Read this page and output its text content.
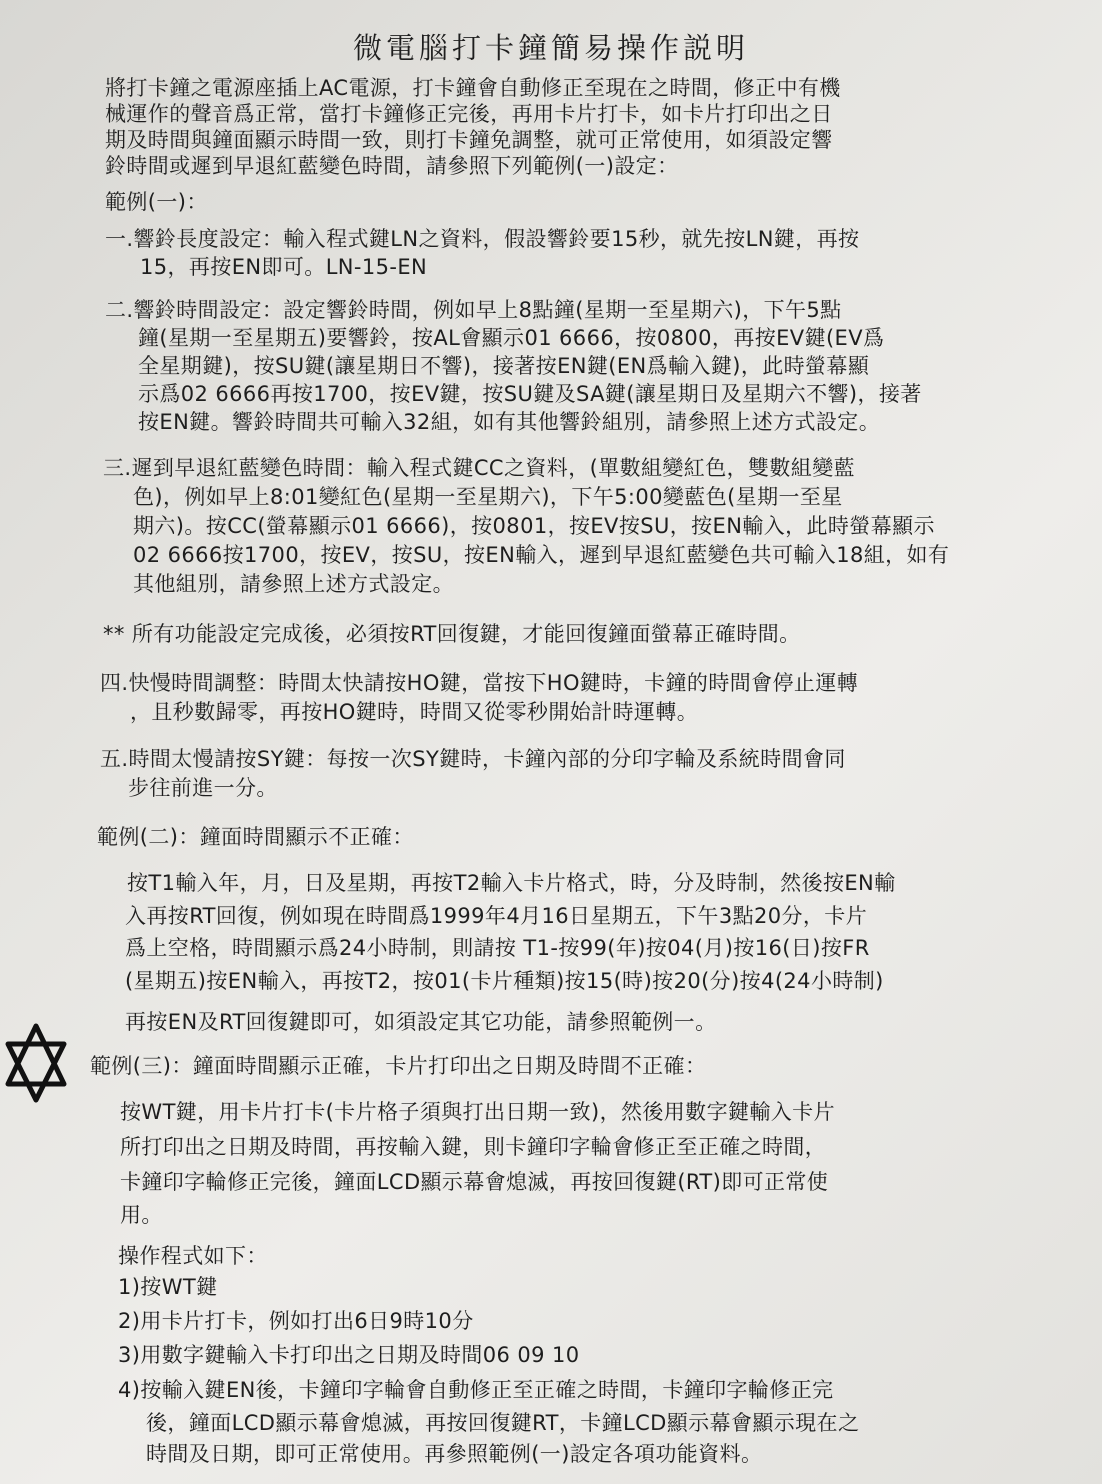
微電腦打卡鐘簡易操作説明
將打卡鐘之電源座插上AC電源，打卡鐘會自動修正至現在之時間，修正中有機
械運作的聲音爲正常，當打卡鐘修正完後，再用卡片打卡，如卡片打印出之日
期及時間與鐘面顯示時間一致，則打卡鐘免調整，就可正常使用，如須設定響
鈴時間或遲到早退紅藍變色時間，請參照下列範例(一)設定：
範例(一)：
一.響鈴長度設定：輸入程式鍵LN之資料，假設響鈴要15秒，就先按LN鍵，再按
15，再按EN即可。LN-15-EN
二.響鈴時間設定：設定響鈴時間，例如早上8點鐘(星期一至星期六)，下午5點
鐘(星期一至星期五)要響鈴，按AL會顯示01 6666，按0800，再按EV鍵(EV爲
全星期鍵)，按SU鍵(讓星期日不響)，接著按EN鍵(EN爲輸入鍵)，此時螢幕顯
示爲02 6666再按1700，按EV鍵，按SU鍵及SA鍵(讓星期日及星期六不響)，接著
按EN鍵。響鈴時間共可輸入32組，如有其他響鈴組別，請參照上述方式設定。
三.遲到早退紅藍變色時間：輸入程式鍵CC之資料，(單數組變紅色，雙數組變藍
色)，例如早上8:01變紅色(星期一至星期六)，下午5:00變藍色(星期一至星
期六)。按CC(螢幕顯示01 6666)，按0801，按EV按SU，按EN輸入，此時螢幕顯示
02 6666按1700，按EV，按SU，按EN輸入，遲到早退紅藍變色共可輸入18組，如有
其他組別，請參照上述方式設定。
** 所有功能設定完成後，必須按RT回復鍵，才能回復鐘面螢幕正確時間。
四.快慢時間調整：時間太快請按HO鍵，當按下HO鍵時，卡鐘的時間會停止運轉
，且秒數歸零，再按HO鍵時，時間又從零秒開始計時運轉。
五.時間太慢請按SY鍵：每按一次SY鍵時，卡鐘內部的分印字輪及系統時間會同
步往前進一分。
範例(二)：鐘面時間顯示不正確：
按T1輸入年，月，日及星期，再按T2輸入卡片格式，時，分及時制，然後按EN輸
入再按RT回復，例如現在時間爲1999年4月16日星期五，下午3點20分，卡片
爲上空格，時間顯示爲24小時制，則請按 T1-按99(年)按04(月)按16(日)按FR
(星期五)按EN輸入，再按T2，按01(卡片種類)按15(時)按20(分)按4(24小時制)
再按EN及RT回復鍵即可，如須設定其它功能，請參照範例一。
範例(三)：鐘面時間顯示正確，卡片打印出之日期及時間不正確：
按WT鍵，用卡片打卡(卡片格子須與打出日期一致)，然後用數字鍵輸入卡片
所打印出之日期及時間，再按輸入鍵，則卡鐘印字輪會修正至正確之時間，
卡鐘印字輪修正完後，鐘面LCD顯示幕會熄滅，再按回復鍵(RT)即可正常使
用。
操作程式如下：
1)按WT鍵
2)用卡片打卡，例如打出6日9時10分
3)用數字鍵輸入卡打印出之日期及時間06 09 10
4)按輸入鍵EN後，卡鐘印字輪會自動修正至正確之時間，卡鐘印字輪修正完
後，鐘面LCD顯示幕會熄滅，再按回復鍵RT，卡鐘LCD顯示幕會顯示現在之
時間及日期，即可正常使用。再參照範例(一)設定各項功能資料。
